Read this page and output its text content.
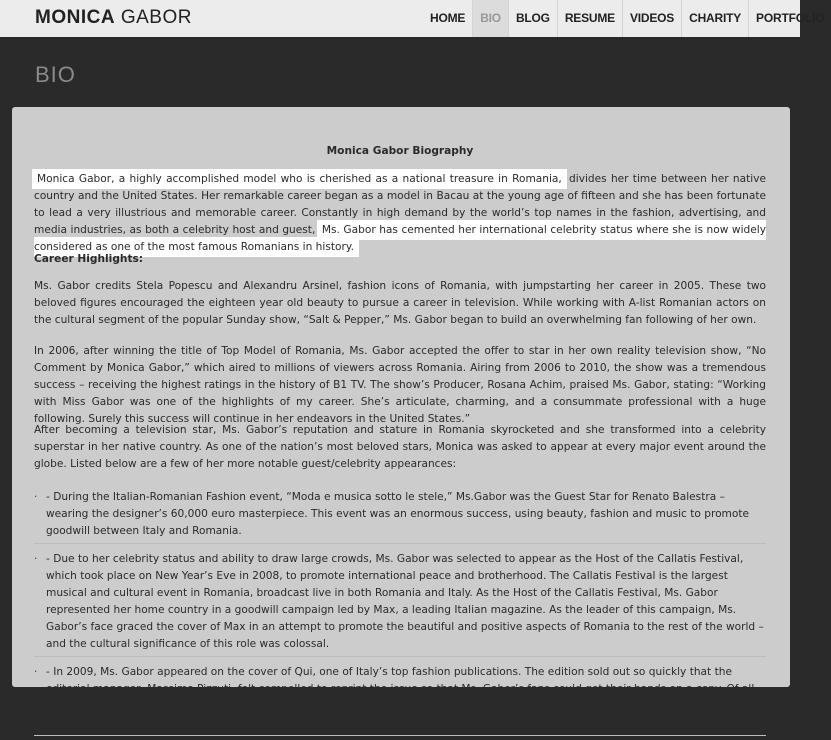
MONICA GABOR	HOME	BIO	BLOG	RESUME	VIDEOS	CHARITY	PORTFOLIO
BIO
Monica Gabor Biography
Monica Gabor, a highly accomplished model who is cherished as a national treasure in Romania, divides her time between her native country and the United States. Her remarkable career began as a model in Bacau at the young age of fifteen and she has been fortunate to lead a very illustrious and memorable career. Constantly in high demand by the world’s top names in the fashion, advertising, and media industries, as both a celebrity host and guest, Ms. Gabor has cemented her international celebrity status where she is now widely considered as one of the most famous Romanians in history.
Career Highlights:
Ms. Gabor credits Stela Popescu and Alexandru Arsinel, fashion icons of Romania, with jumpstarting her career in 2005. These two beloved figures encouraged the eighteen year old beauty to pursue a career in television. While working with A-list Romanian actors on the cultural segment of the popular Sunday show, “Salt & Pepper,” Ms. Gabor began to build an overwhelming fan following of her own.
In 2006, after winning the title of Top Model of Romania, Ms. Gabor accepted the offer to star in her own reality television show, “No Comment by Monica Gabor,” which aired to millions of viewers across Romania. Airing from 2006 to 2010, the show was a tremendous success – receiving the highest ratings in the history of B1 TV. The show’s Producer, Rosana Achim, praised Ms. Gabor, stating: “Working with Miss Gabor was one of the highlights of my career. She’s articulate, charming, and a consummate professional with a huge following. Surely this success will continue in her endeavors in the United States.”
After becoming a television star, Ms. Gabor’s reputation and stature in Romania skyrocketed and she transformed into a celebrity superstar in her native country. As one of the nation’s most beloved stars, Monica was asked to appear at every major event around the globe. Listed below are a few of her more notable guest/celebrity appearances:
· - During the Italian-Romanian Fashion event, “Moda e musica sotto le stele,” Ms.Gabor was the Guest Star for Renato Balestra – wearing the designer’s 60,000 euro masterpiece. This event was an enormous success, using beauty, fashion and music to promote goodwill between Italy and Romania.
· - Due to her celebrity status and ability to draw large crowds, Ms. Gabor was selected to appear as the Host of the Callatis Festival, which took place on New Year’s Eve in 2008, to promote international peace and brotherhood. The Callatis Festival is the largest musical and cultural event in Romania, broadcast live in both Romania and Italy. As the Host of the Callatis Festival, Ms. Gabor represented her home country in a goodwill campaign led by Max, a leading Italian magazine. As the leader of this campaign, Ms. Gabor’s face graced the cover of Max in an attempt to promote the beautiful and positive aspects of Romania to the rest of the world – and the cultural significance of this role was colossal.
· - In 2009, Ms. Gabor appeared on the cover of Qui, one of Italy’s top fashion publications. The edition sold out so quickly that the editorial manager, Massimo Pizzuti, felt compelled to reprint the issue so that Ms. Gabor’s fans could get their hands on a copy. Of all ninety-nine covers of Qui at that time, readers voted Ms. Gabor’s issue the “best cover.” Ms. Gabor was personally handed the “best cover” award by a distinguished member of the European Parliament.
